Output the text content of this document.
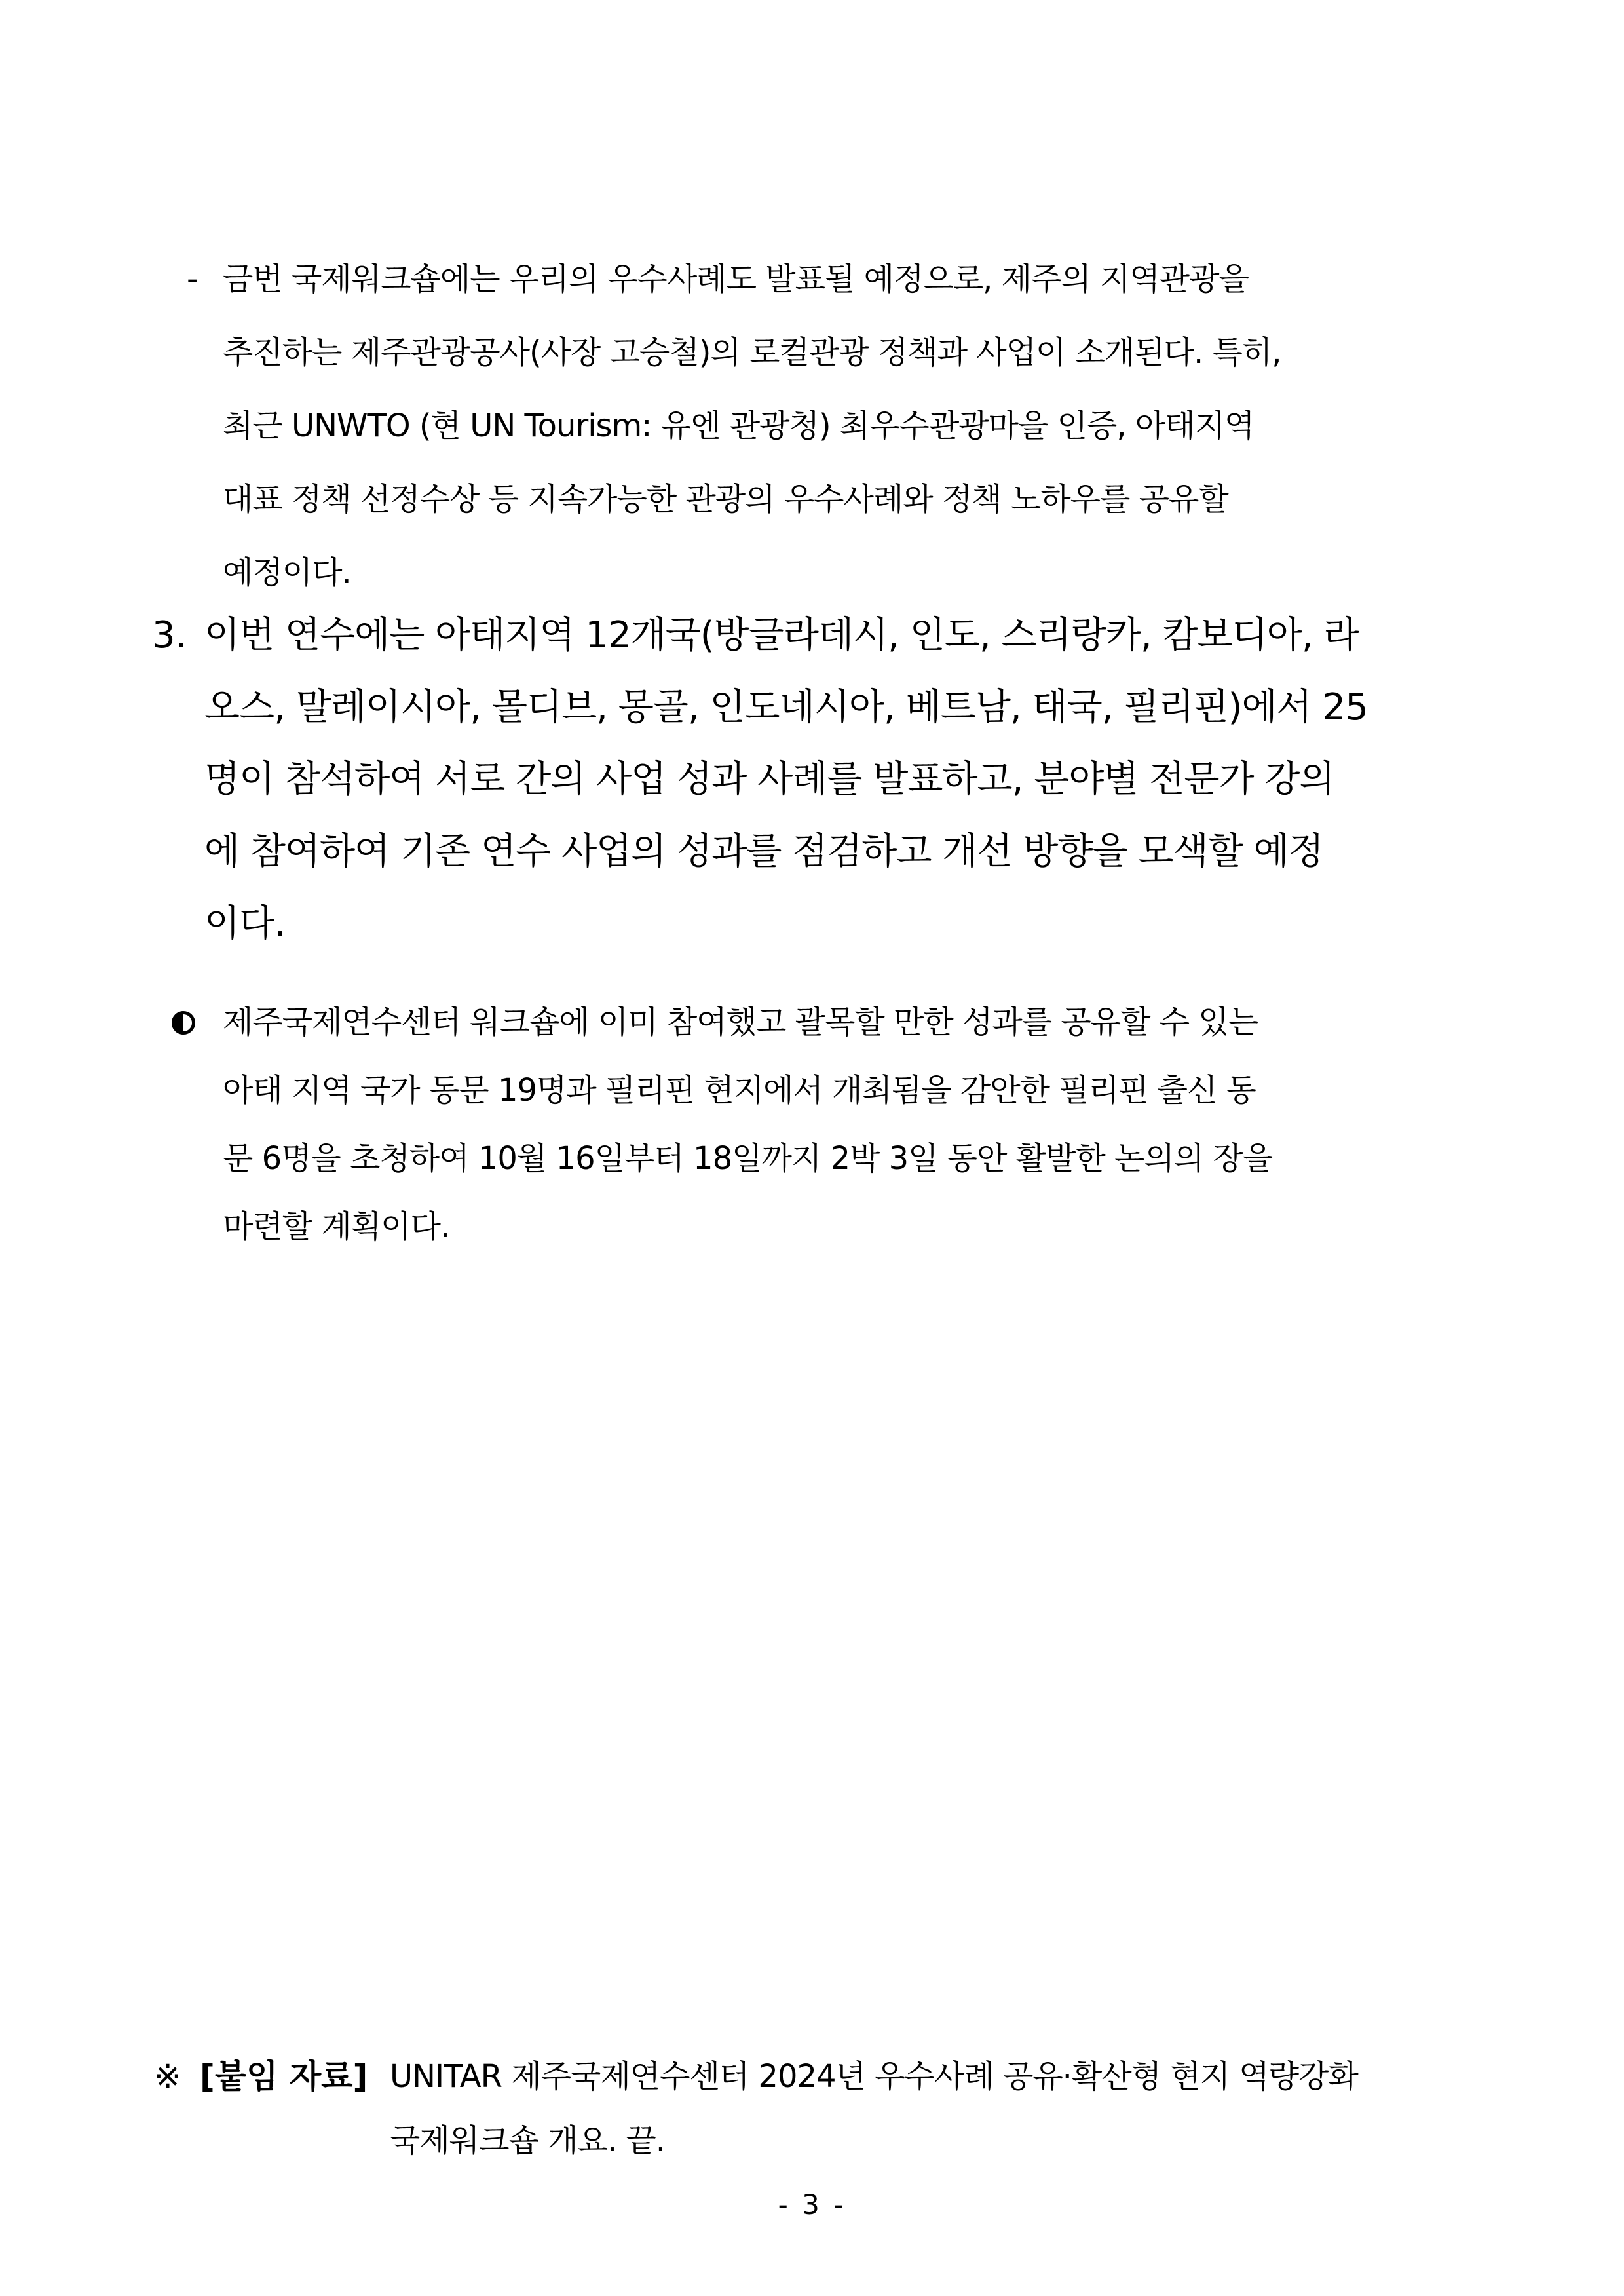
- 금번 국제워크숍에는 우리의 우수사례도 발표될 예정으로, 제주의 지역관광을
추진하는 제주관광공사(사장 고승철)의 로컬관광 정책과 사업이 소개된다. 특히,
최근 UNWTO (현 UN Tourism: 유엔 관광청) 최우수관광마을 인증, 아태지역
대표 정책 선정수상 등 지속가능한 관광의 우수사례와 정책 노하우를 공유할
예정이다.
3. 이번 연수에는 아태지역 12개국(방글라데시, 인도, 스리랑카, 캄보디아, 라
오스, 말레이시아, 몰디브, 몽골, 인도네시아, 베트남, 태국, 필리핀)에서 25
명이 참석하여 서로 간의 사업 성과 사례를 발표하고, 분야별 전문가 강의
에 참여하여 기존 연수 사업의 성과를 점검하고 개선 방향을 모색할 예정
이다.
제주국제연수센터 워크숍에 이미 참여했고 괄목할 만한 성과를 공유할 수 있는
아태 지역 국가 동문 19명과 필리핀 현지에서 개최됨을 감안한 필리핀 출신 동
문 6명을 초청하여 10월 16일부터 18일까지 2박 3일 동안 활발한 논의의 장을
마련할 계획이다.
※ [붙임 자료] UNITAR 제주국제연수센터 2024년 우수사례 공유·확산형 현지 역량강화
국제워크숍 개요. 끝.
- 3 -
